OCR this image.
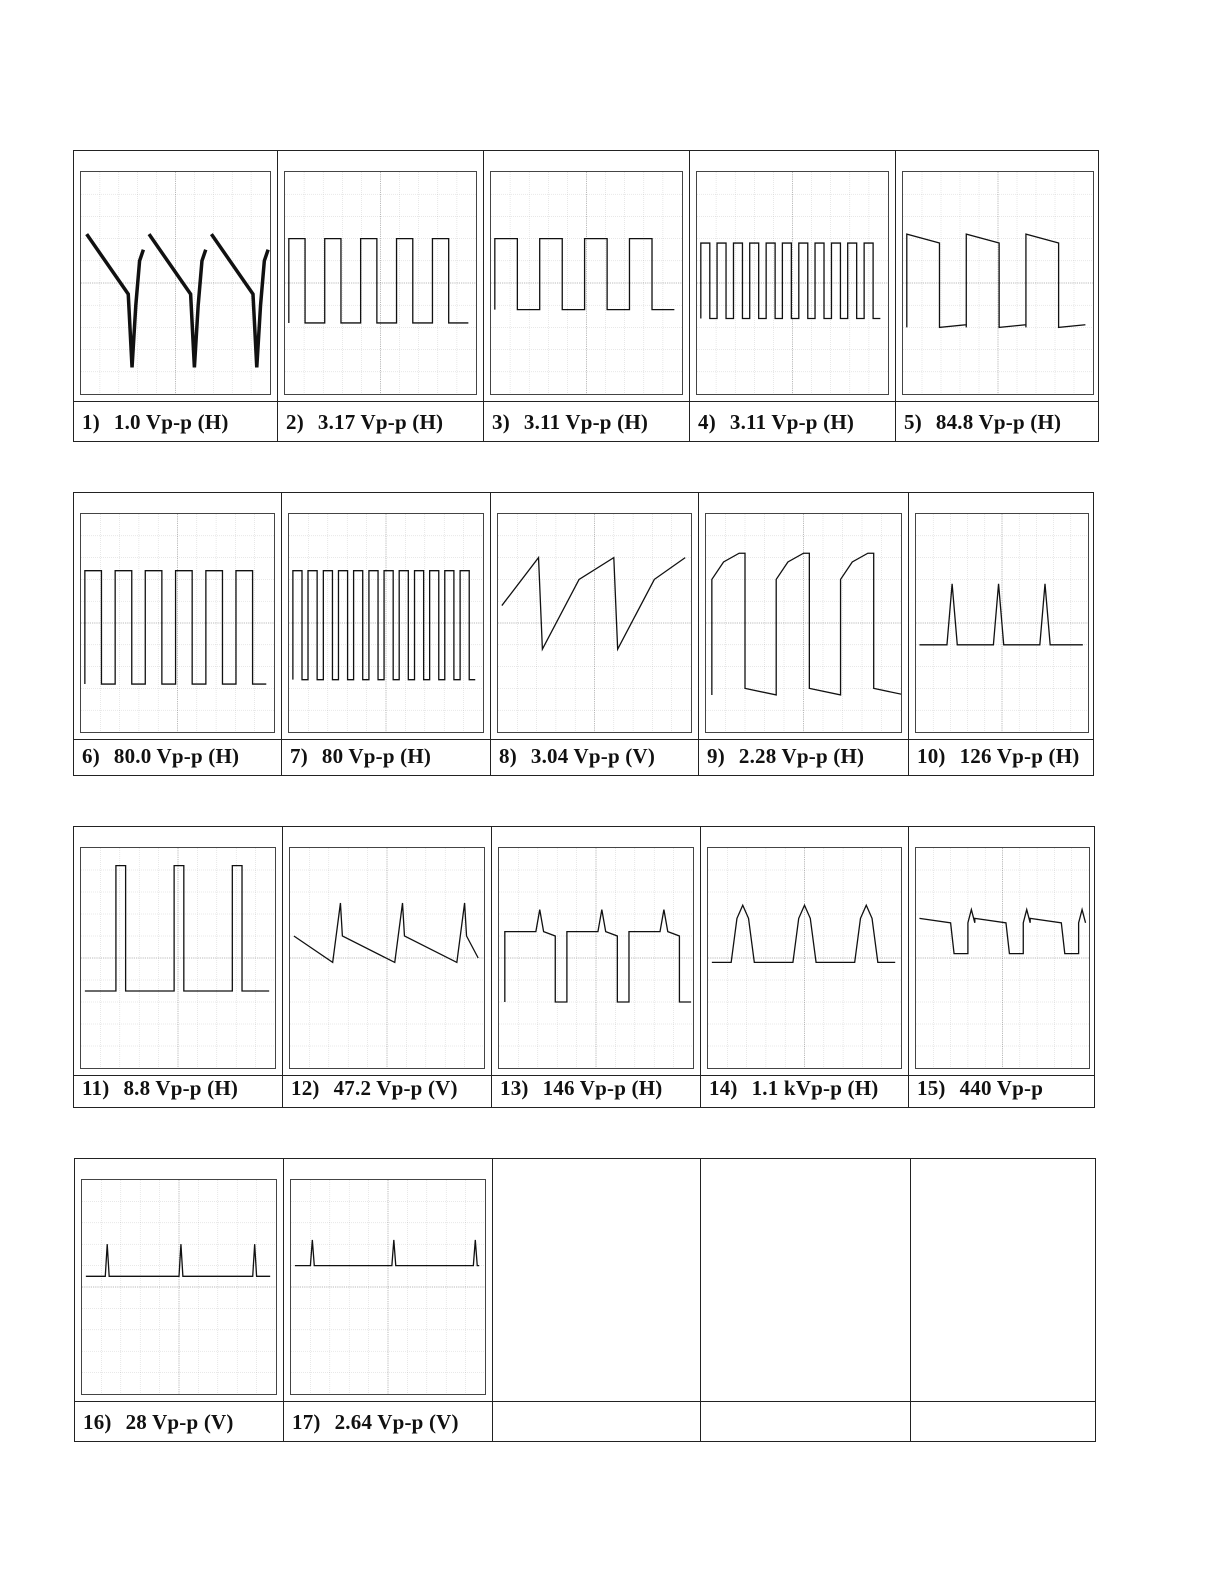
1) 1.0 Vp-p (H)	2) 3.17 Vp-p (H)	3) 3.11 Vp-p (H)	4) 3.11 Vp-p (H)	5) 84.8 Vp-p (H)
6) 80.0 Vp-p (H)	7) 80 Vp-p (H)	8) 3.04 Vp-p (V)	9) 2.28 Vp-p (H)	10) 126 Vp-p (H)
11) 8.8 Vp-p (H)	12) 47.2 Vp-p (V)	13) 146 Vp-p (H)	14) 1.1 kVp-p (H)	15) 440 Vp-p
16) 28 Vp-p (V)	17) 2.64 Vp-p (V)
